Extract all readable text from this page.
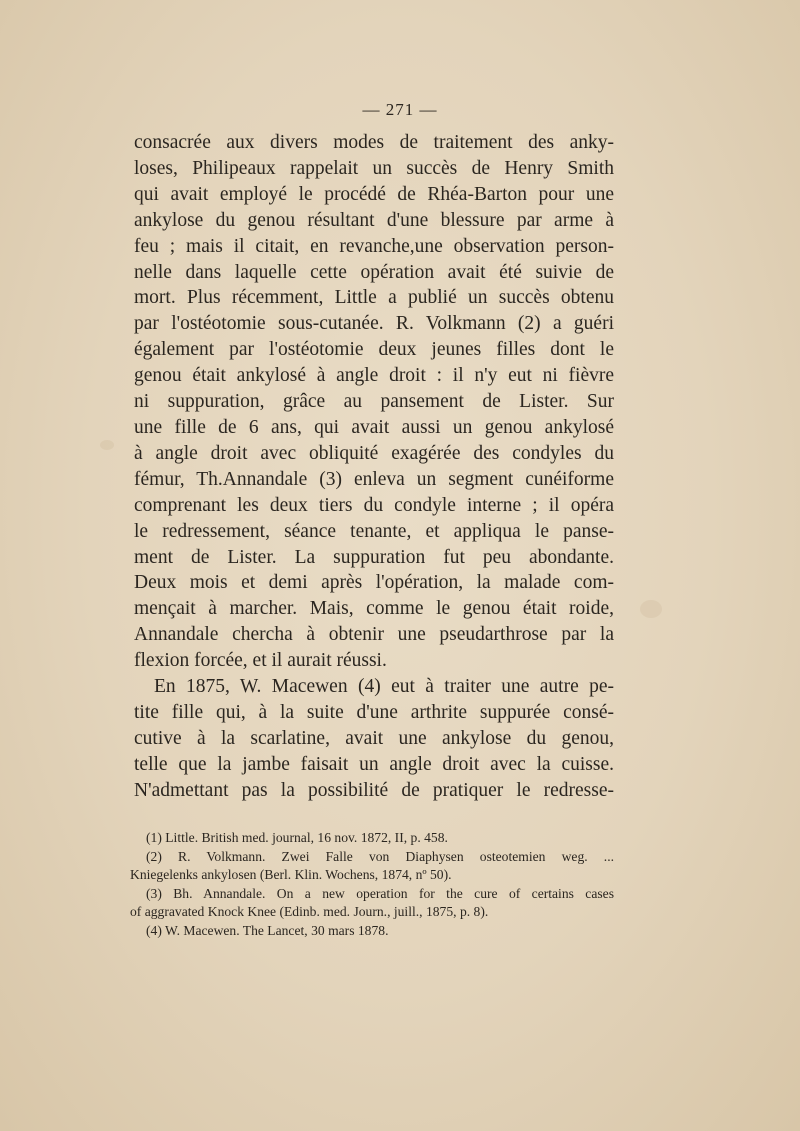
— 271 —
consacrée aux divers modes de traitement des anky-
loses, Philipeaux rappelait un succès de Henry Smith
qui avait employé le procédé de Rhéa-Barton pour une
ankylose du genou résultant d'une blessure par arme à
feu ; mais il citait, en revanche,une observation person-
nelle dans laquelle cette opération avait été suivie de
mort. Plus récemment, Little a publié un succès obtenu
par l'ostéotomie sous-cutanée. R. Volkmann (2) a guéri
également par l'ostéotomie deux jeunes filles dont le
genou était ankylosé à angle droit : il n'y eut ni fièvre
ni suppuration, grâce au pansement de Lister. Sur
une fille de 6 ans, qui avait aussi un genou ankylosé
à angle droit avec obliquité exagérée des condyles du
fémur, Th.Annandale (3) enleva un segment cunéiforme
comprenant les deux tiers du condyle interne ; il opéra
le redressement, séance tenante, et appliqua le panse-
ment de Lister. La suppuration fut peu abondante.
Deux mois et demi après l'opération, la malade com-
mençait à marcher. Mais, comme le genou était roide,
Annandale chercha à obtenir une pseudarthrose par la
flexion forcée, et il aurait réussi.
En 1875, W. Macewen (4) eut à traiter une autre pe-
tite fille qui, à la suite d'une arthrite suppurée consé-
cutive à la scarlatine, avait une ankylose du genou,
telle que la jambe faisait un angle droit avec la cuisse.
N'admettant pas la possibilité de pratiquer le redresse-
(1) Little. British med. journal, 16 nov. 1872, II, p. 458.
(2) R. Volkmann. Zwei Falle von Diaphysen osteotemien weg. ...
Kniegelenks ankylosen (Berl. Klin. Wochens, 1874, nº 50).
(3) Bh. Annandale. On a new operation for the cure of certains cases
of aggravated Knock Knee (Edinb. med. Journ., juill., 1875, p. 8).
(4) W. Macewen. The Lancet, 30 mars 1878.
